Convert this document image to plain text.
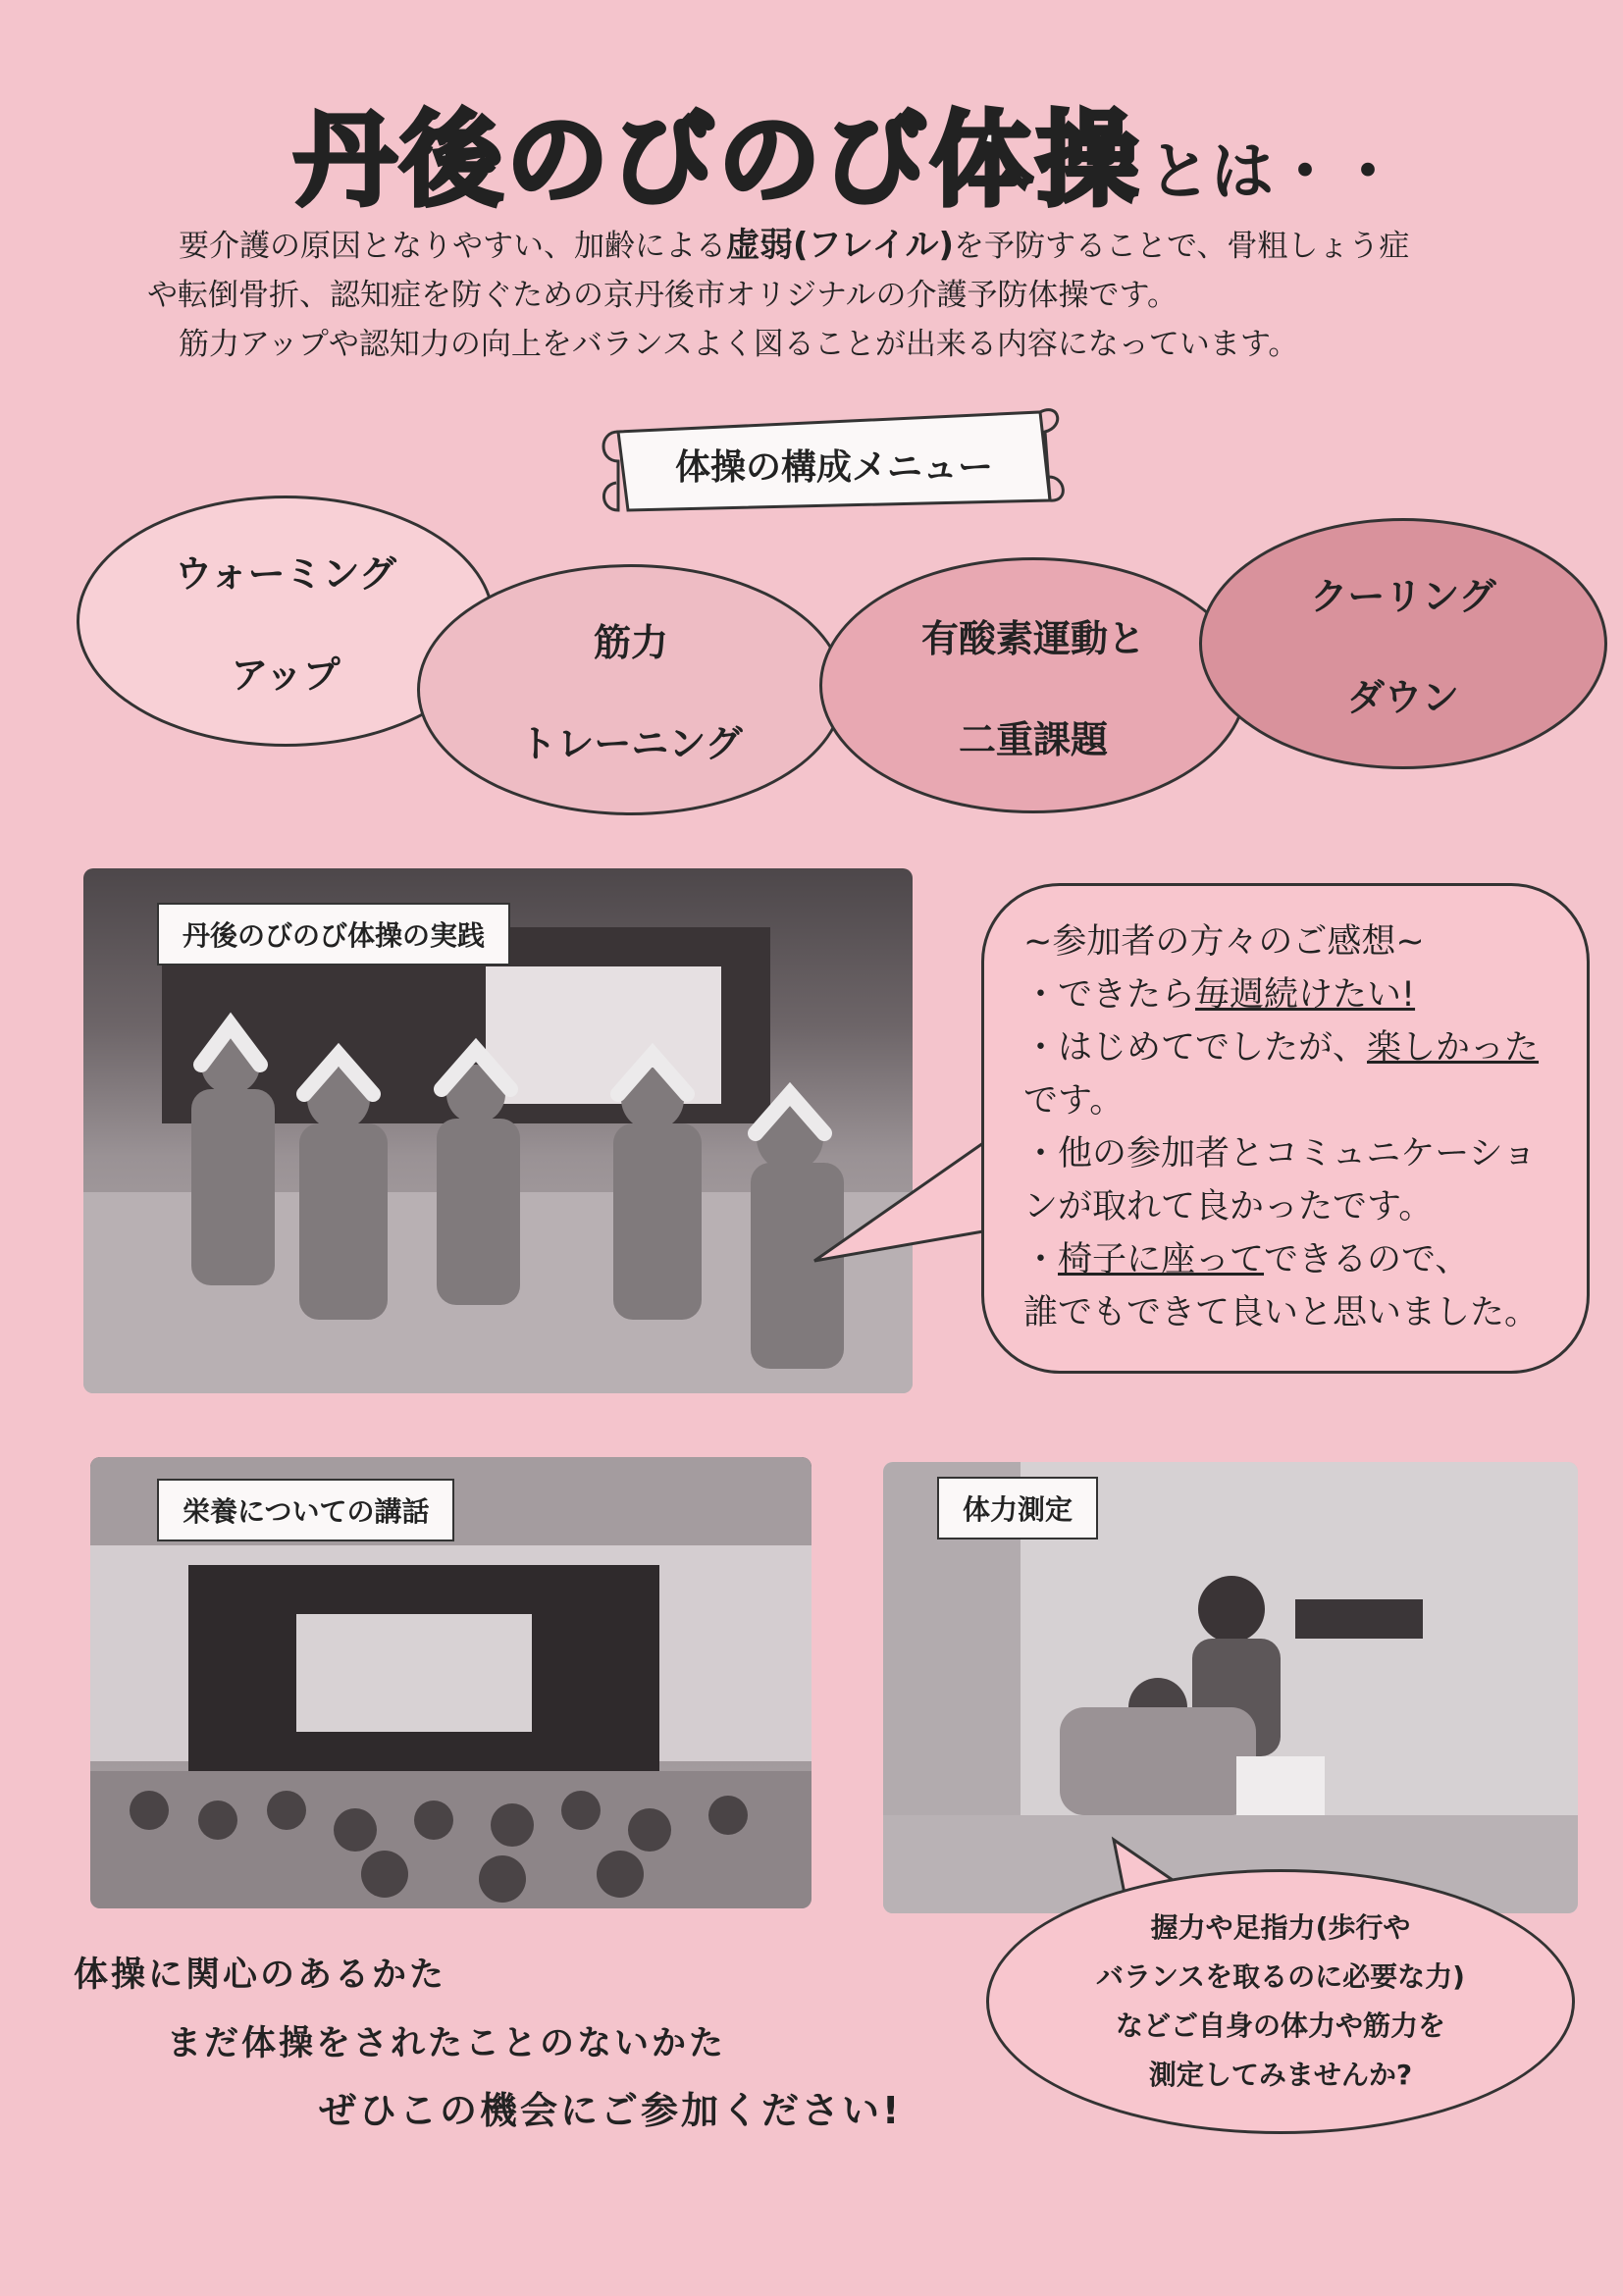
丹後のびのび体操 とは・・

要介護の原因となりやすい、加齢による虚弱(フレイル)を予防することで、骨粗しょう症

や転倒骨折、認知症を防ぐための京丹後市オリジナルの介護予防体操です。

筋力アップや認知力の向上をバランスよく図ることが出来る内容になっています。

体操の構成メニュー
ウォーミング
アップ
筋力
トレーニング
有酸素運動と
二重課題
クーリング
ダウン
丹後のびのび体操の実践	~参加者の方々のご感想~
・できたら毎週続けたい!
・はじめてでしたが、楽しかった
です。
・他の参加者とコミュニケーショ
ンが取れて良かったです。
・椅子に座ってできるので、
誰でもできて良いと思いました。
栄養についての講話	体力測定
握力や足指力(歩行や
バランスを取るのに必要な力)
などご自身の体力や筋力を
測定してみませんか?
体操に関心のあるかた
まだ体操をされたことのないかた
ぜひこの機会にご参加ください!
